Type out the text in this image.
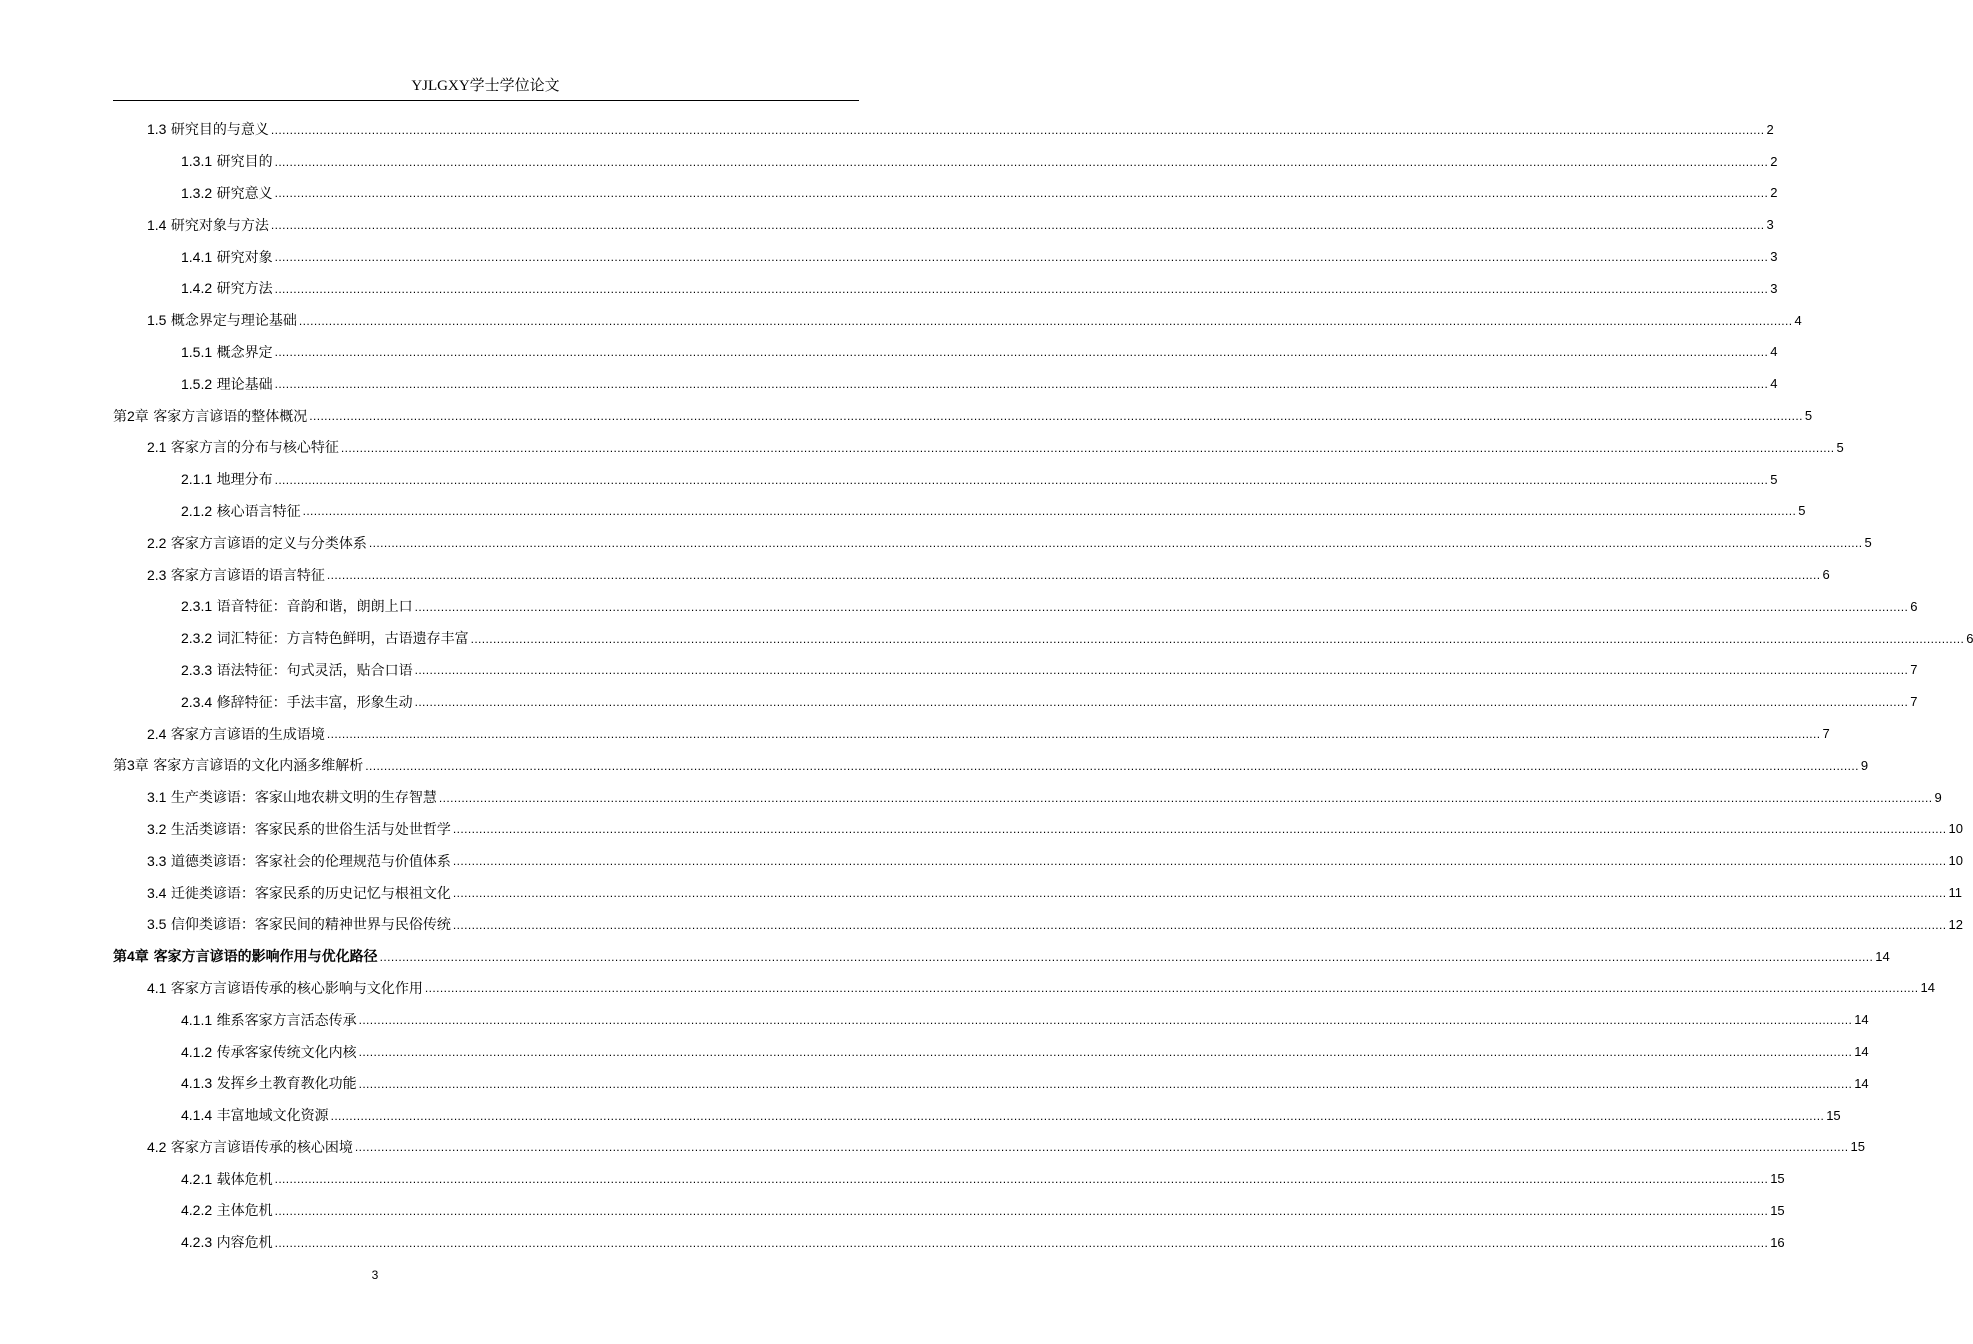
YJLGXY学士学位论文
1.3 研究目的与意义 ................................................................................................................................................................................................................................................................................................................................................................................................................ 2
1.3.1 研究目的 ................................................................................................................................................................................................................................................................................................................................................................................................................ 2
1.3.2 研究意义 ................................................................................................................................................................................................................................................................................................................................................................................................................ 2
1.4 研究对象与方法 ................................................................................................................................................................................................................................................................................................................................................................................................................ 3
1.4.1 研究对象 ................................................................................................................................................................................................................................................................................................................................................................................................................ 3
1.4.2 研究方法 ................................................................................................................................................................................................................................................................................................................................................................................................................ 3
1.5 概念界定与理论基础 ................................................................................................................................................................................................................................................................................................................................................................................................................ 4
1.5.1 概念界定 ................................................................................................................................................................................................................................................................................................................................................................................................................ 4
1.5.2 理论基础 ................................................................................................................................................................................................................................................................................................................................................................................................................ 4
第2章 客家方言谚语的整体概况 ................................................................................................................................................................................................................................................................................................................................................................................................................ 5
2.1 客家方言的分布与核心特征 ................................................................................................................................................................................................................................................................................................................................................................................................................ 5
2.1.1 地理分布 ................................................................................................................................................................................................................................................................................................................................................................................................................ 5
2.1.2 核心语言特征 ................................................................................................................................................................................................................................................................................................................................................................................................................ 5
2.2 客家方言谚语的定义与分类体系 ................................................................................................................................................................................................................................................................................................................................................................................................................ 5
2.3 客家方言谚语的语言特征 ................................................................................................................................................................................................................................................................................................................................................................................................................ 6
2.3.1 语音特征：音韵和谐，朗朗上口 ................................................................................................................................................................................................................................................................................................................................................................................................................ 6
2.3.2 词汇特征：方言特色鲜明，古语遗存丰富 ................................................................................................................................................................................................................................................................................................................................................................................................................ 6
2.3.3 语法特征：句式灵活，贴合口语 ................................................................................................................................................................................................................................................................................................................................................................................................................ 7
2.3.4 修辞特征：手法丰富，形象生动 ................................................................................................................................................................................................................................................................................................................................................................................................................ 7
2.4 客家方言谚语的生成语境 ................................................................................................................................................................................................................................................................................................................................................................................................................ 7
第3章 客家方言谚语的文化内涵多维解析 ................................................................................................................................................................................................................................................................................................................................................................................................................ 9
3.1 生产类谚语：客家山地农耕文明的生存智慧 ................................................................................................................................................................................................................................................................................................................................................................................................................ 9
3.2 生活类谚语：客家民系的世俗生活与处世哲学 ................................................................................................................................................................................................................................................................................................................................................................................................................ 10
3.3 道德类谚语：客家社会的伦理规范与价值体系 ................................................................................................................................................................................................................................................................................................................................................................................................................ 10
3.4 迁徙类谚语：客家民系的历史记忆与根祖文化 ................................................................................................................................................................................................................................................................................................................................................................................................................ 11
3.5 信仰类谚语：客家民间的精神世界与民俗传统 ................................................................................................................................................................................................................................................................................................................................................................................................................ 12
第4章 客家方言谚语的影响作用与优化路径 ................................................................................................................................................................................................................................................................................................................................................................................................................ 14
4.1 客家方言谚语传承的核心影响与文化作用 ................................................................................................................................................................................................................................................................................................................................................................................................................ 14
4.1.1 维系客家方言活态传承 ................................................................................................................................................................................................................................................................................................................................................................................................................ 14
4.1.2 传承客家传统文化内核 ................................................................................................................................................................................................................................................................................................................................................................................................................ 14
4.1.3 发挥乡土教育教化功能 ................................................................................................................................................................................................................................................................................................................................................................................................................ 14
4.1.4 丰富地域文化资源 ................................................................................................................................................................................................................................................................................................................................................................................................................ 15
4.2 客家方言谚语传承的核心困境 ................................................................................................................................................................................................................................................................................................................................................................................................................ 15
4.2.1 载体危机 ................................................................................................................................................................................................................................................................................................................................................................................................................ 15
4.2.2 主体危机 ................................................................................................................................................................................................................................................................................................................................................................................................................ 15
4.2.3 内容危机 ................................................................................................................................................................................................................................................................................................................................................................................................................ 16
3
